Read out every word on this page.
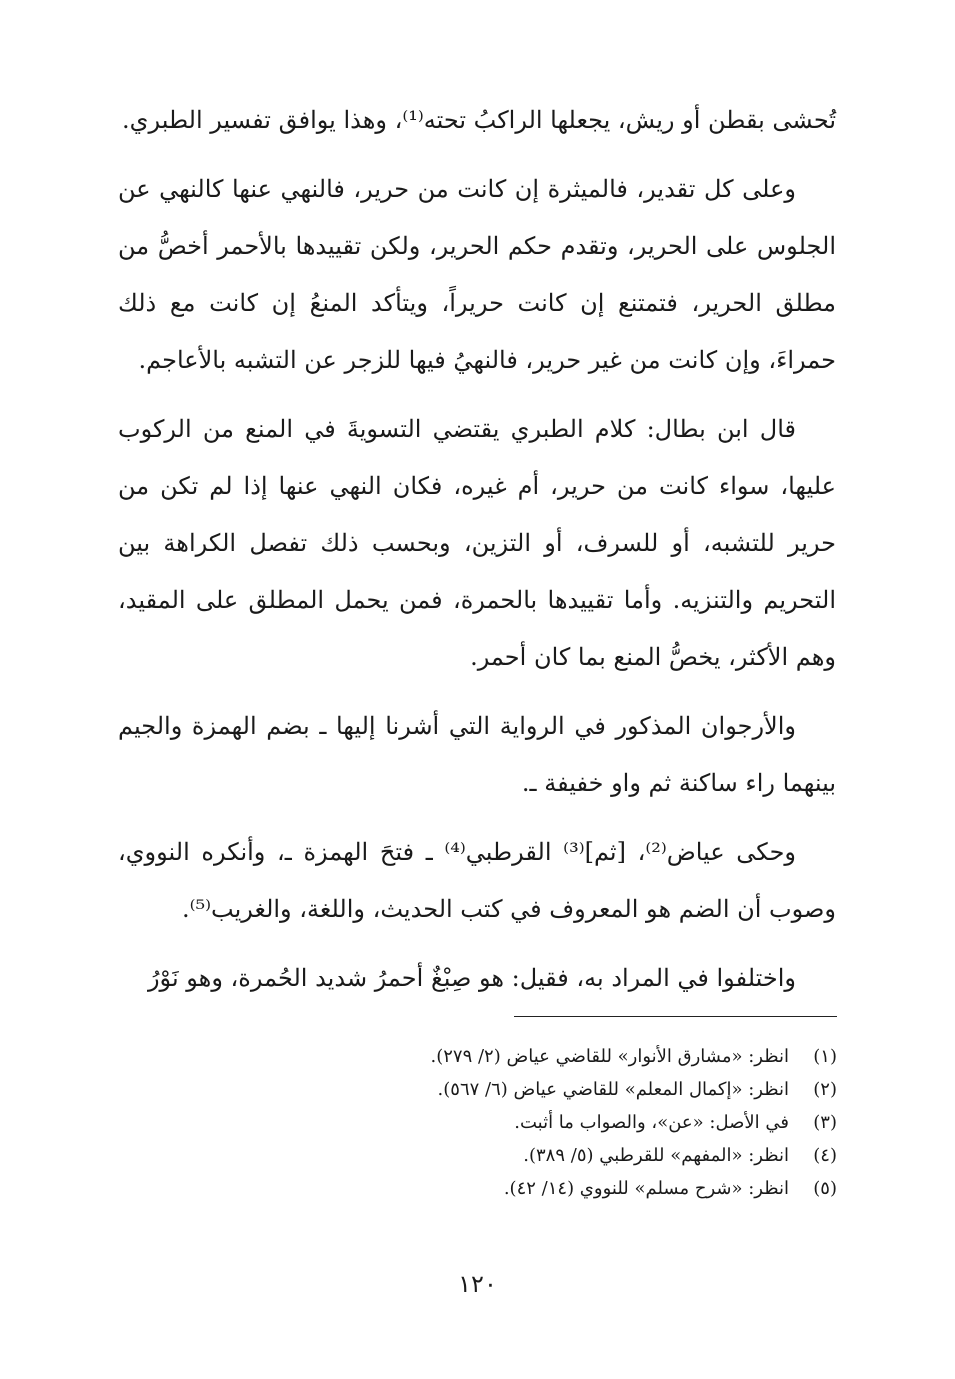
تُحشى بقطن أو ريش، يجعلها الراكبُ تحته⁽¹⁾، وهذا يوافق تفسير الطبري.

وعلى كل تقدير، فالميثرة إن كانت من حرير، فالنهي عنها كالنهي عن الجلوس على الحرير، وتقدم حكم الحرير، ولكن تقييدها بالأحمر أخصُّ من مطلق الحرير، فتمتنع إن كانت حريراً، ويتأكد المنعُ إن كانت مع ذلك حمراءَ، وإن كانت من غير حرير، فالنهيُ فيها للزجر عن التشبه بالأعاجم.

قال ابن بطال: كلام الطبري يقتضي التسويةَ في المنع من الركوب عليها، سواء كانت من حرير، أم غيره، فكان النهي عنها إذا لم تكن من حرير للتشبه، أو للسرف، أو التزين، وبحسب ذلك تفصل الكراهة بين التحريم والتنزيه. وأما تقييدها بالحمرة، فمن يحمل المطلق على المقيد، وهم الأكثر، يخصُّ المنع بما كان أحمر.

والأرجوان المذكور في الرواية التي أشرنا إليها ـ بضم الهمزة والجيم بينهما راء ساكنة ثم واو خفيفة ـ.

وحكى عياض⁽²⁾، [ثم]⁽³⁾ القرطبي⁽⁴⁾ ـ فتحَ الهمزة ـ، وأنكره النووي، وصوب أن الضم هو المعروف في كتب الحديث، واللغة، والغريب⁽⁵⁾.

واختلفوا في المراد به، فقيل: هو صِبْغٌ أحمرُ شديد الحُمرة، وهو نَوْرُ

(١)
انظر: «مشارق الأنوار» للقاضي عياض (٢/ ٢٧٩).
(٢)
انظر: «إكمال المعلم» للقاضي عياض (٦/ ٥٦٧).
(٣)
في الأصل: «عن»، والصواب ما أثبت.
(٤)
انظر: «المفهم» للقرطبي (٥/ ٣٨٩).
(٥)
انظر: «شرح مسلم» للنووي (١٤/ ٤٢).
١٢٠
